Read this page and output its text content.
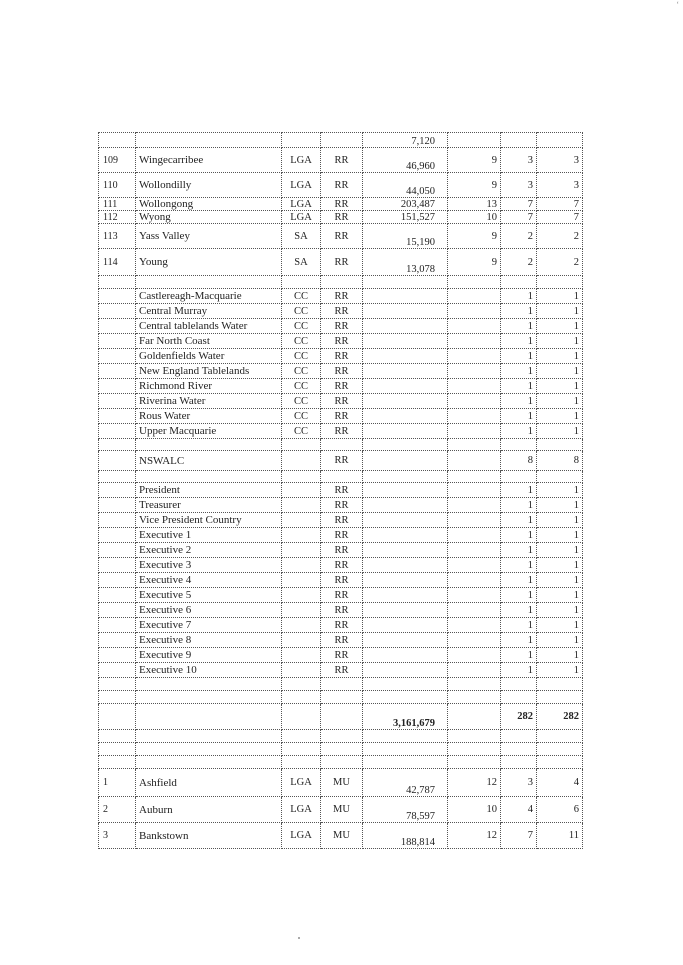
‘
				7,120			
109	Wingecarribee	LGA	RR	46,960	9	3	3
110	Wollondilly	LGA	RR	44,050	9	3	3
111	Wollongong	LGA	RR	203,487	13	7	7
112	Wyong	LGA	RR	151,527	10	7	7
113	Yass Valley	SA	RR	15,190	9	2	2
114	Young	SA	RR	13,078	9	2	2

	Castlereagh-Macquarie	CC	RR			1	1
	Central Murray	CC	RR			1	1
	Central tablelands Water	CC	RR			1	1
	Far North Coast	CC	RR			1	1
	Goldenfields Water	CC	RR			1	1
	New England Tablelands	CC	RR			1	1
	Richmond River	CC	RR			1	1
	Riverina Water	CC	RR			1	1
	Rous Water	CC	RR			1	1
	Upper Macquarie	CC	RR			1	1

	NSWALC		RR			8	8

	President		RR			1	1
	Treasurer		RR			1	1
	Vice President Country		RR			1	1
	Executive 1		RR			1	1
	Executive 2		RR			1	1
	Executive 3		RR			1	1
	Executive 4		RR			1	1
	Executive 5		RR			1	1
	Executive 6		RR			1	1
	Executive 7		RR			1	1
	Executive 8		RR			1	1
	Executive 9		RR			1	1
	Executive 10		RR			1	1

				3,161,679		282	282

1	Ashfield	LGA	MU	42,787	12	3	4
2	Auburn	LGA	MU	78,597	10	4	6
3	Bankstown	LGA	MU	188,814	12	7	11
